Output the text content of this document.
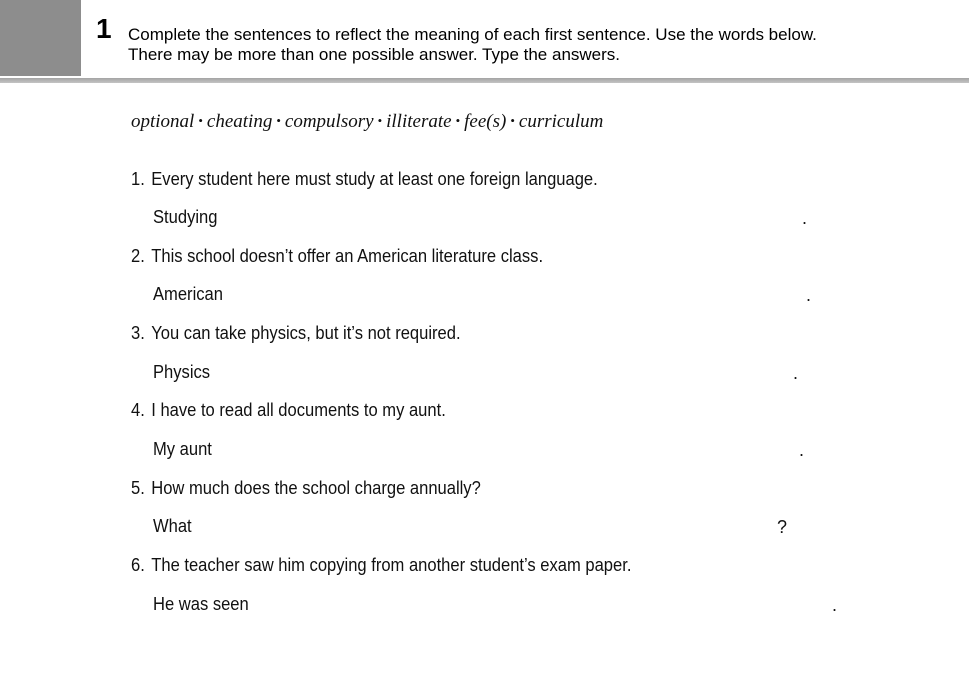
1 Complete the sentences to reflect the meaning of each first sentence. Use the words below.
There may be more than one possible answer. Type the answers.
optional • cheating • compulsory • illiterate • fee(s) • curriculum
1. Every student here must study at least one foreign language.
Studying	.
2. This school doesn’t offer an American literature class.
American	.
3. You can take physics, but it’s not required.
Physics	.
4. I have to read all documents to my aunt.
My aunt	.
5. How much does the school charge annually?
What	?
6. The teacher saw him copying from another student’s exam paper.
He was seen	.
